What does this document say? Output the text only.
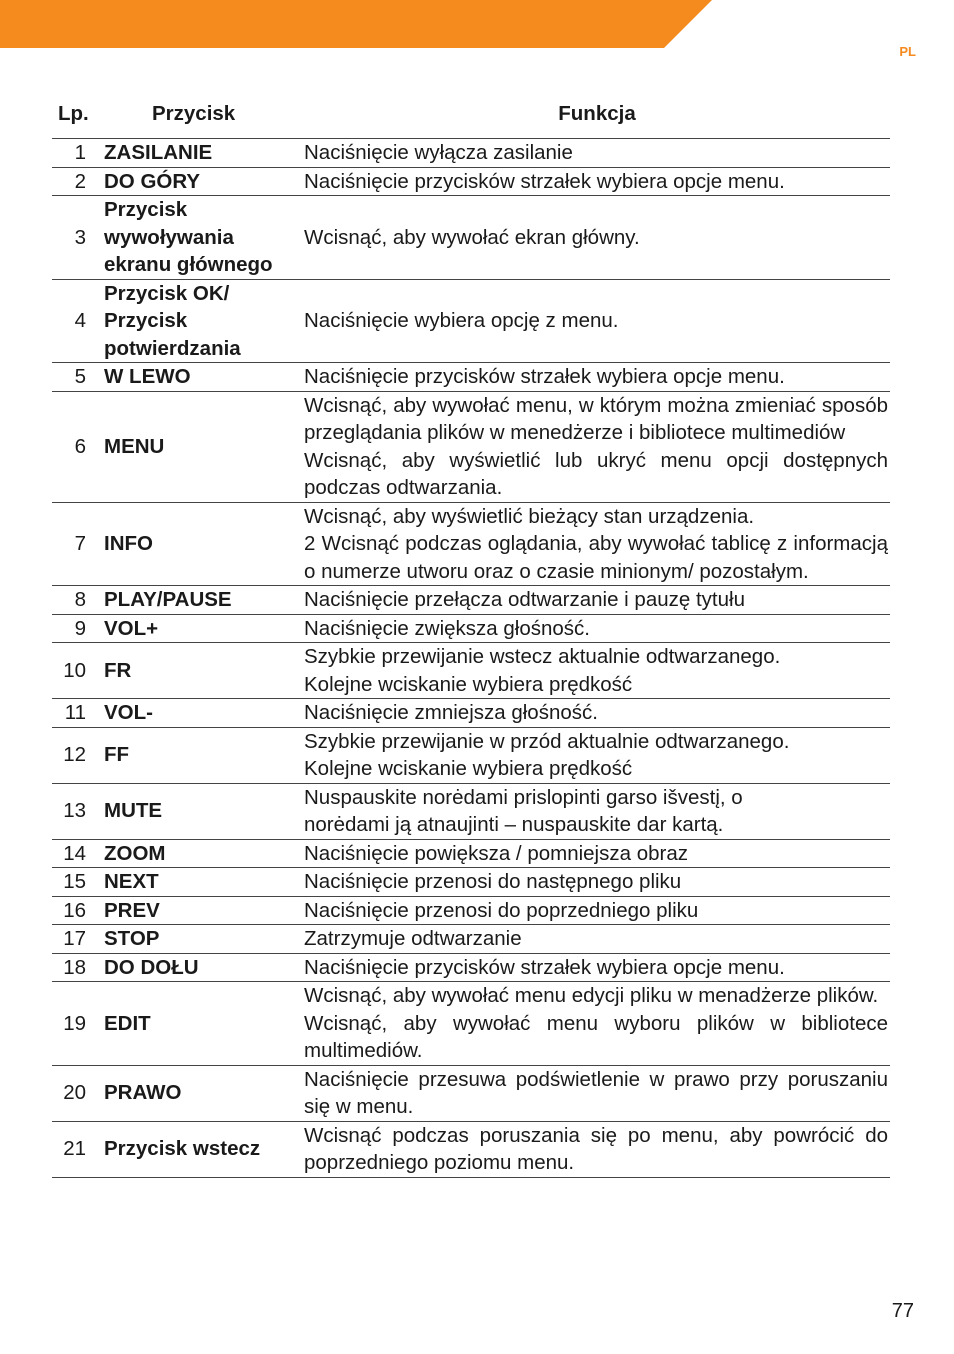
PL
Lp.	Przycisk	Funkcja
1	ZASILANIE	Naciśnięcie wyłącza zasilanie

2	DO GÓRY	Naciśnięcie przycisków strzałek wybiera opcje menu.

3	Przycisk wywoływania ekranu głównego	Wcisnąć, aby wywołać ekran główny.

4	Przycisk OK/ Przycisk potwierdzania	Naciśnięcie wybiera opcję z menu.

5	W LEWO	Naciśnięcie przycisków strzałek wybiera opcje menu.

6	MENU	Wcisnąć, aby wywołać menu, w którym można zmieniać sposób przeglądania plików w menedżerze i bibliotece multimediów
Wcisnąć, aby wyświetlić lub ukryć menu opcji dostępnych podczas odtwarzania.

7	INFO	Wcisnąć, aby wyświetlić bieżący stan urządzenia.
2 Wcisnąć podczas oglądania, aby wywołać tablicę z informacją o numerze utworu oraz o czasie minionym/ pozostałym.

8	PLAY/PAUSE	Naciśnięcie przełącza odtwarzanie i pauzę tytułu

9	VOL+	Naciśnięcie zwiększa głośność.

10	FR	Szybkie przewijanie wstecz aktualnie odtwarzanego.
Kolejne wciskanie wybiera prędkość

11	VOL-	Naciśnięcie zmniejsza głośność.

12	FF	Szybkie przewijanie w przód aktualnie odtwarzanego.
Kolejne wciskanie wybiera prędkość

13	MUTE	Nuspauskite norėdami prislopinti garso išvestį, o
norėdami ją atnaujinti – nuspauskite dar kartą.

14	ZOOM	Naciśnięcie powiększa / pomniejsza obraz

15	NEXT	Naciśnięcie przenosi do następnego pliku

16	PREV	Naciśnięcie przenosi do poprzedniego pliku

17	STOP	Zatrzymuje odtwarzanie

18	DO DOŁU	Naciśnięcie przycisków strzałek wybiera opcje menu.

19	EDIT	Wcisnąć, aby wywołać menu edycji pliku w menadżerze plików.
Wcisnąć, aby wywołać menu wyboru plików w bibliotece multimediów.

20	PRAWO	Naciśnięcie przesuwa podświetlenie w prawo przy poruszaniu się w menu.

21	Przycisk wstecz	Wcisnąć podczas poruszania się po menu, aby powrócić do poprzedniego poziomu menu.
77
